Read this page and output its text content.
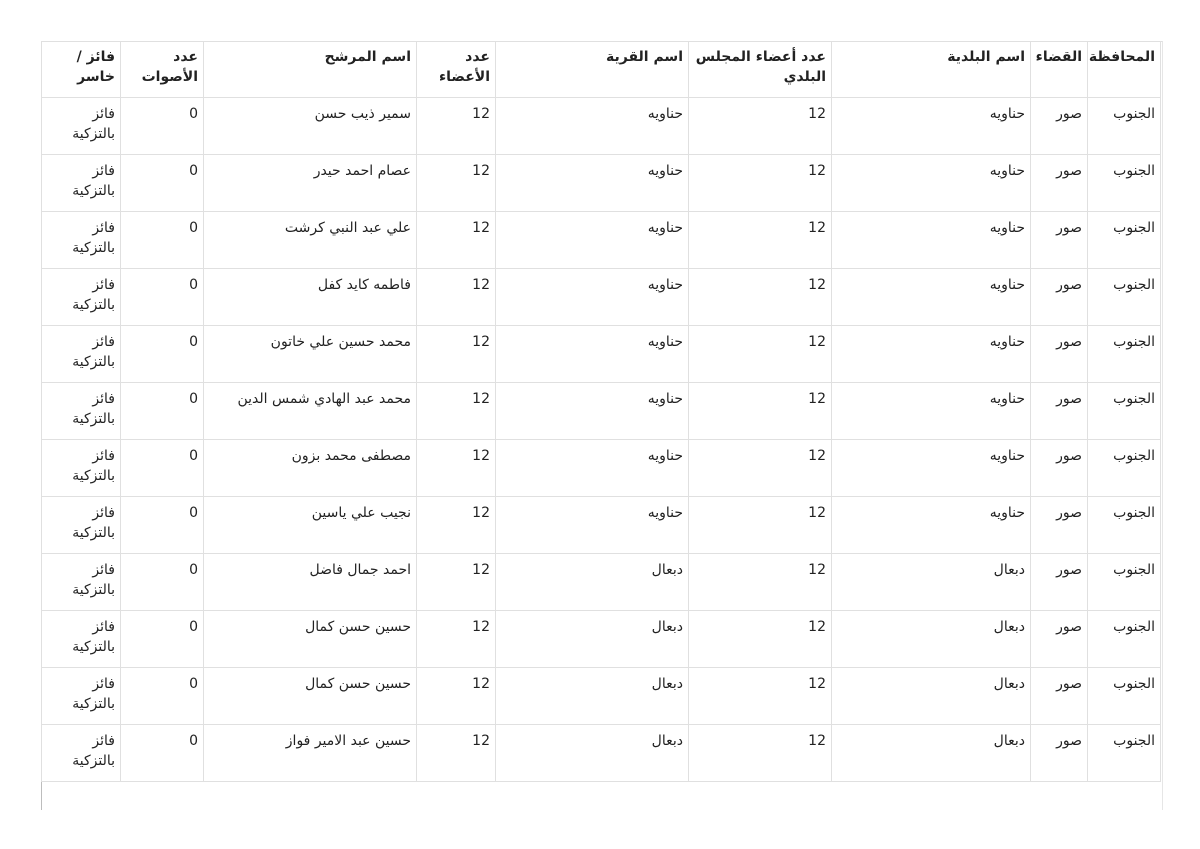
المحافظة	القضاء	اسم البلدية	عدد أعضاء المجلس البلدي	اسم القرية	عدد الأعضاء	اسم المرشح	عدد الأصوات	فائز / خاسر
الجنوب	صور	حناويه	12	حناويه	12	سمير ذيب حسن	0	فائز بالتزكية
الجنوب	صور	حناويه	12	حناويه	12	عصام احمد حيدر	0	فائز بالتزكية
الجنوب	صور	حناويه	12	حناويه	12	علي عبد النبي كرشت	0	فائز بالتزكية
الجنوب	صور	حناويه	12	حناويه	12	فاطمه كايد كفل	0	فائز بالتزكية
الجنوب	صور	حناويه	12	حناويه	12	محمد حسين علي خاتون	0	فائز بالتزكية
الجنوب	صور	حناويه	12	حناويه	12	محمد عبد الهادي شمس الدين	0	فائز بالتزكية
الجنوب	صور	حناويه	12	حناويه	12	مصطفى محمد بزون	0	فائز بالتزكية
الجنوب	صور	حناويه	12	حناويه	12	نجيب علي ياسين	0	فائز بالتزكية
الجنوب	صور	دبعال	12	دبعال	12	احمد جمال فاضل	0	فائز بالتزكية
الجنوب	صور	دبعال	12	دبعال	12	حسين حسن كمال	0	فائز بالتزكية
الجنوب	صور	دبعال	12	دبعال	12	حسين حسن كمال	0	فائز بالتزكية
الجنوب	صور	دبعال	12	دبعال	12	حسين عبد الامير فواز	0	فائز بالتزكية
